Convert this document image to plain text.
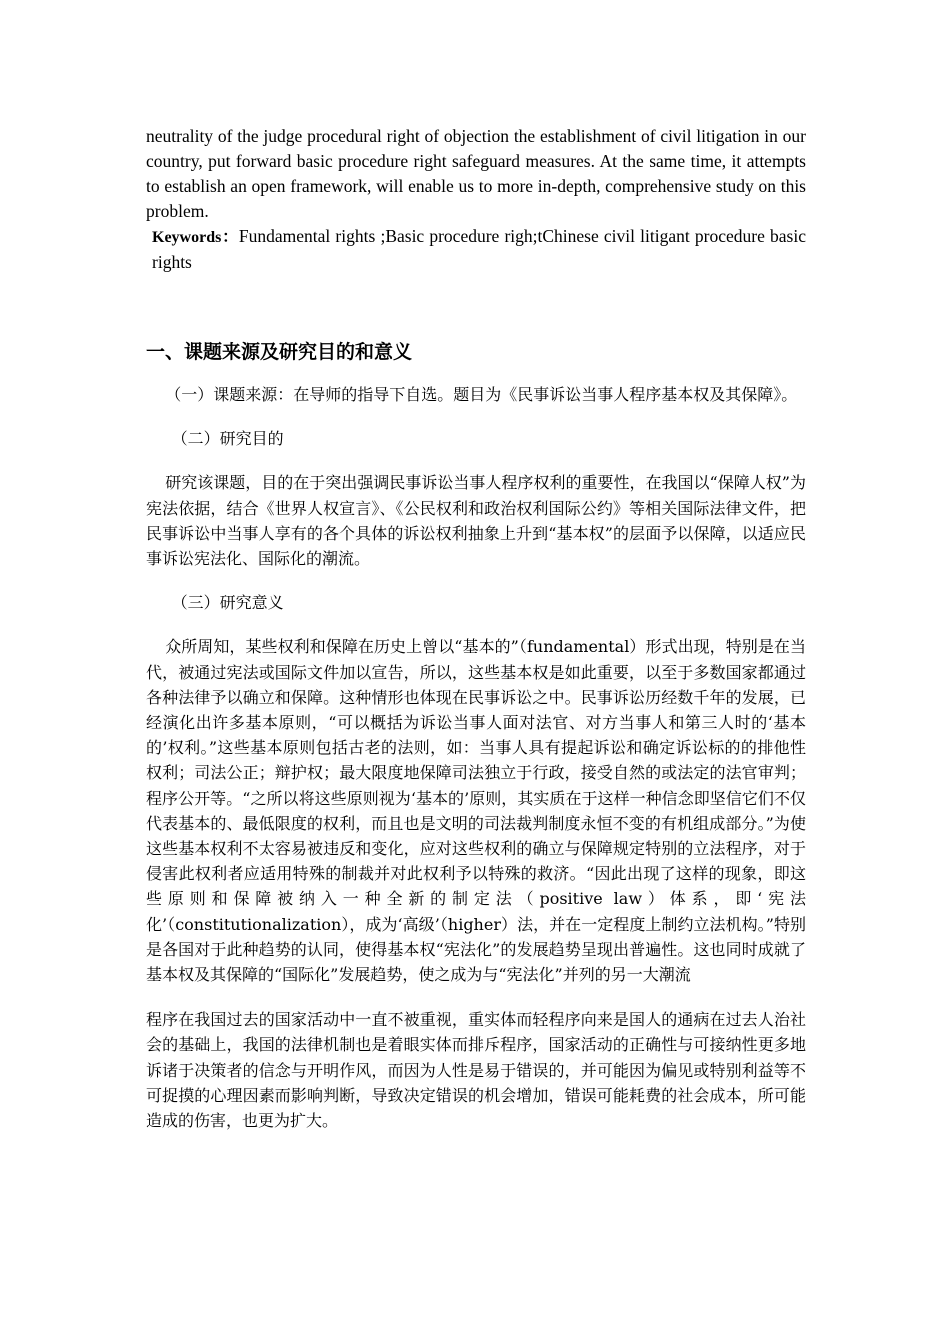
neutrality of the judge procedural right of objection the establishment of civil litigation in our country, put forward basic procedure right safeguard measures. At the same time, it attempts to establish an open framework, will enable us to more in-depth, comprehensive study on this problem.

Keywords：Fundamental rights ;Basic procedure righ;tChinese civil litigant procedure basic rights

一、课题来源及研究目的和意义

（一）课题来源：在导师的指导下自选。题目为《民事诉讼当事人程序基本权及其保障》。

（二）研究目的

研究该课题，目的在于突出强调民事诉讼当事人程序权利的重要性，在我国以“保障人权”为宪法依据，结合《世界人权宣言》、《公民权利和政治权利国际公约》等相关国际法律文件，把民事诉讼中当事人享有的各个具体的诉讼权利抽象上升到“基本权”的层面予以保障，以适应民事诉讼宪法化、国际化的潮流。

（三）研究意义

众所周知，某些权利和保障在历史上曾以“基本的”（fundamental）形式出现，特别是在当代，被通过宪法或国际文件加以宣告，所以，这些基本权是如此重要，以至于多数国家都通过各种法律予以确立和保障。这种情形也体现在民事诉讼之中。民事诉讼历经数千年的发展，已经演化出许多基本原则，“可以概括为诉讼当事人面对法官、对方当事人和第三人时的‘基本的’权利。”这些基本原则包括古老的法则，如：当事人具有提起诉讼和确定诉讼标的的排他性权利；司法公正；辩护权；最大限度地保障司法独立于行政，接受自然的或法定的法官审判；程序公开等。“之所以将这些原则视为‘基本的’原则，其实质在于这样一种信念即坚信它们不仅代表基本的、最低限度的权利，而且也是文明的司法裁判制度永恒不变的有机组成部分。”为使这些基本权利不太容易被违反和变化，应对这些权利的确立与保障规定特别的立法程序，对于侵害此权利者应适用特殊的制裁并对此权利予以特殊的救济。“因此出现了这样的现象，即这些原则和保障被纳入一种全新的制定法（positive law）体系，即‘宪法化’（constitutionalization），成为‘高级’（higher）法，并在一定程度上制约立法机构。”特别是各国对于此种趋势的认同，使得基本权“宪法化”的发展趋势呈现出普遍性。这也同时成就了基本权及其保障的“国际化”发展趋势，使之成为与“宪法化”并列的另一大潮流

程序在我国过去的国家活动中一直不被重视，重实体而轻程序向来是国人的通病在过去人治社会的基础上，我国的法律机制也是着眼实体而排斥程序，国家活动的正确性与可接纳性更多地诉诸于决策者的信念与开明作风，而因为人性是易于错误的，并可能因为偏见或特别利益等不可捉摸的心理因素而影响判断，导致决定错误的机会增加，错误可能耗费的社会成本，所可能造成的伤害，也更为扩大。
